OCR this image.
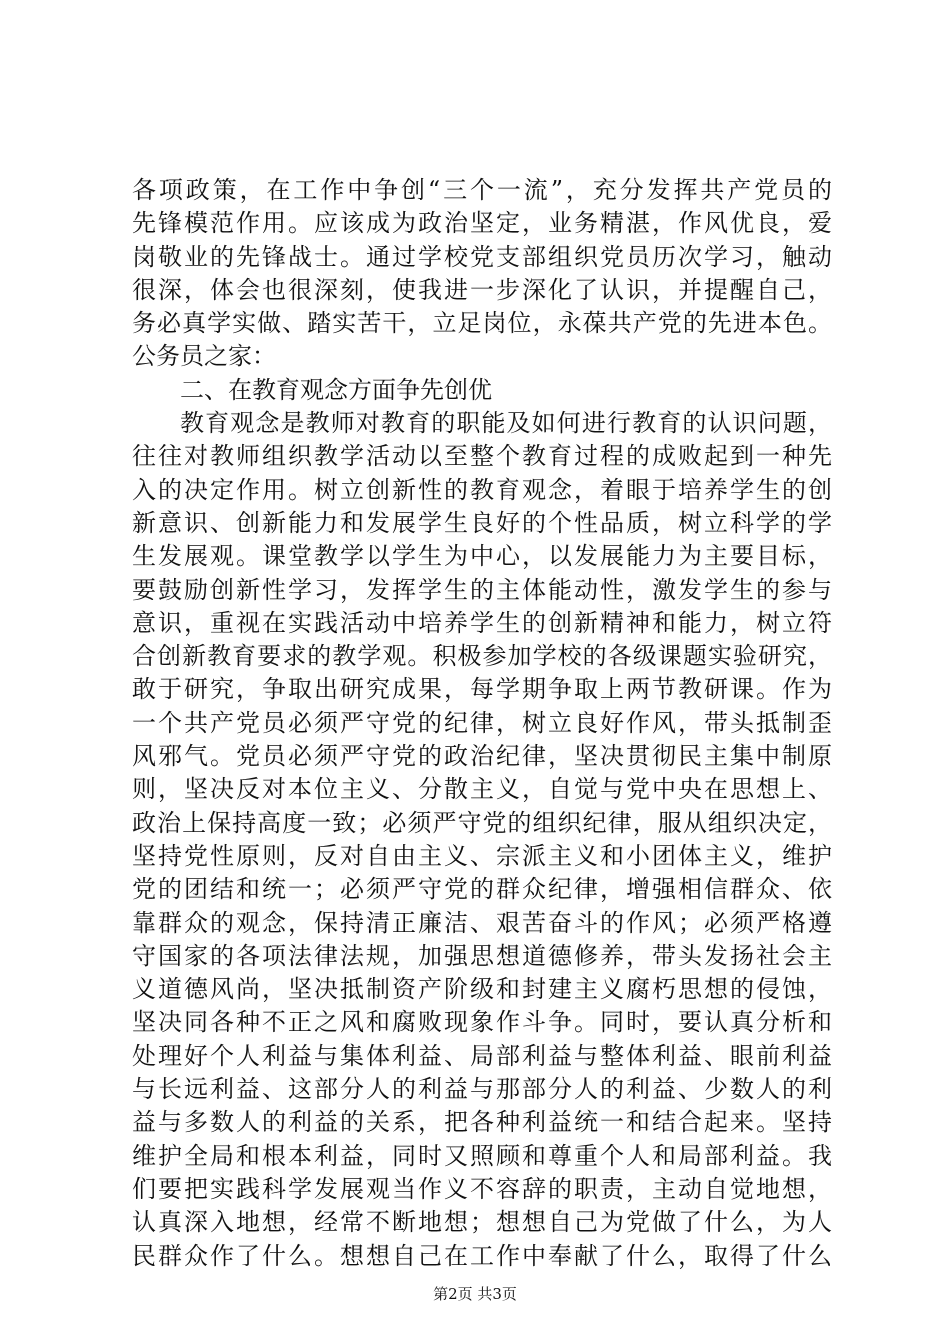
各项政策，在工作中争创“三个一流”，充分发挥共产党员的
先锋模范作用。应该成为政治坚定，业务精湛，作风优良，爱
岗敬业的先锋战士。通过学校党支部组织党员历次学习，触动
很深，体会也很深刻，使我进一步深化了认识，并提醒自己，
务必真学实做、踏实苦干，立足岗位，永葆共产党的先进本色。
公务员之家：
二、在教育观念方面争先创优
教育观念是教师对教育的职能及如何进行教育的认识问题，
往往对教师组织教学活动以至整个教育过程的成败起到一种先
入的决定作用。树立创新性的教育观念，着眼于培养学生的创
新意识、创新能力和发展学生良好的个性品质，树立科学的学
生发展观。课堂教学以学生为中心，以发展能力为主要目标，
要鼓励创新性学习，发挥学生的主体能动性，激发学生的参与
意识，重视在实践活动中培养学生的创新精神和能力，树立符
合创新教育要求的教学观。积极参加学校的各级课题实验研究，
敢于研究，争取出研究成果，每学期争取上两节教研课。作为
一个共产党员必须严守党的纪律，树立良好作风，带头抵制歪
风邪气。党员必须严守党的政治纪律，坚决贯彻民主集中制原
则，坚决反对本位主义、分散主义，自觉与党中央在思想上、
政治上保持高度一致；必须严守党的组织纪律，服从组织决定，
坚持党性原则，反对自由主义、宗派主义和小团体主义，维护
党的团结和统一；必须严守党的群众纪律，增强相信群众、依
靠群众的观念，保持清正廉洁、艰苦奋斗的作风；必须严格遵
守国家的各项法律法规，加强思想道德修养，带头发扬社会主
义道德风尚，坚决抵制资产阶级和封建主义腐朽思想的侵蚀，
坚决同各种不正之风和腐败现象作斗争。同时，要认真分析和
处理好个人利益与集体利益、局部利益与整体利益、眼前利益
与长远利益、这部分人的利益与那部分人的利益、少数人的利
益与多数人的利益的关系，把各种利益统一和结合起来。坚持
维护全局和根本利益，同时又照顾和尊重个人和局部利益。我
们要把实践科学发展观当作义不容辞的职责，主动自觉地想，
认真深入地想，经常不断地想；想想自己为党做了什么，为人
民群众作了什么。想想自己在工作中奉献了什么，取得了什么
第2页 共3页
